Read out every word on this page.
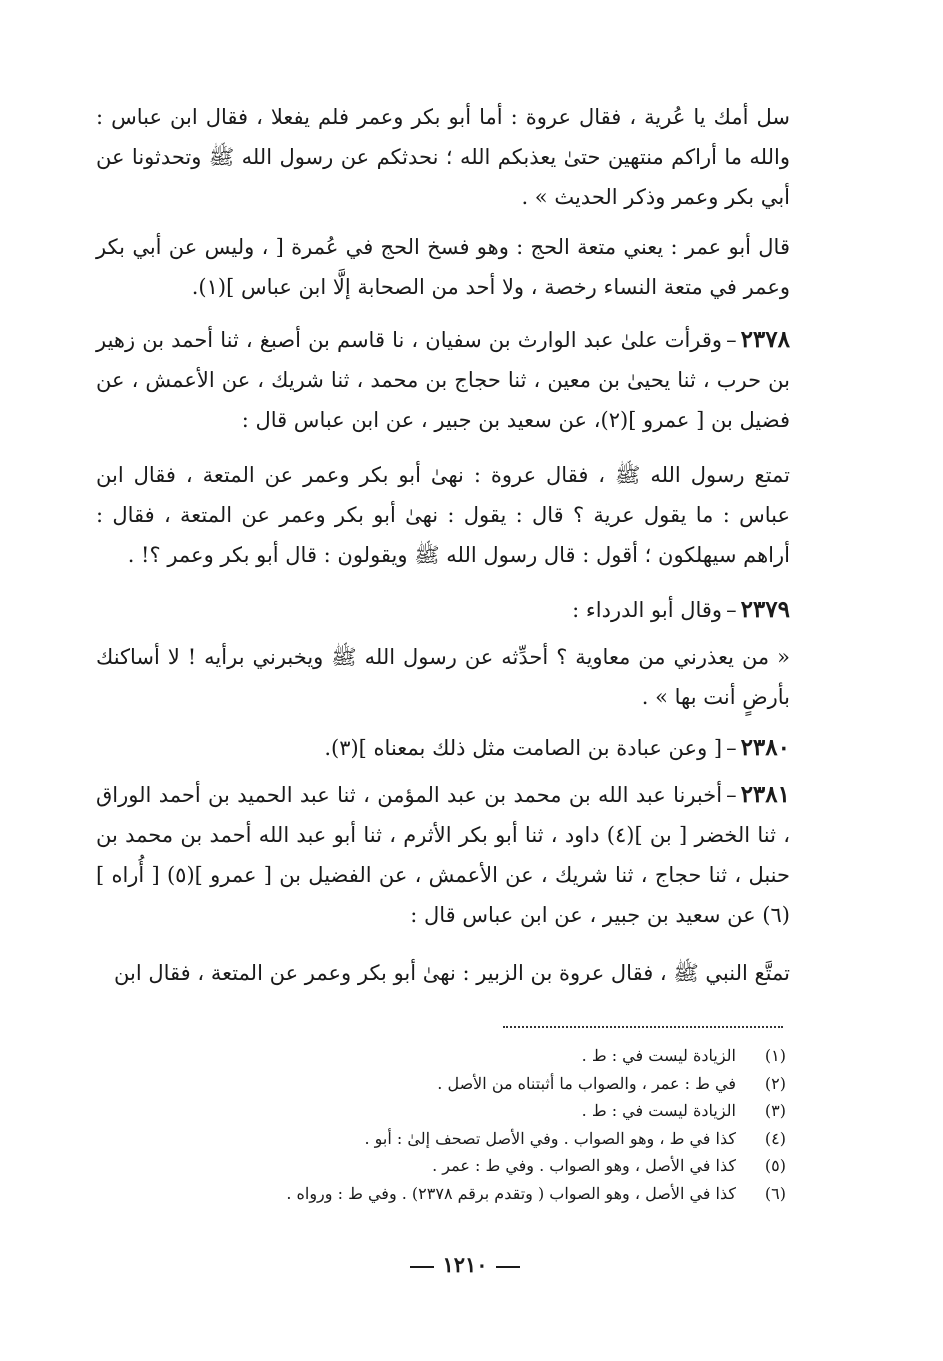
سل أمك يا عُرية ، فقال عروة : أما أبو بكر وعمر فلم يفعلا ، فقال ابن عباس : والله ما أراكم منتهين حتىٰ يعذبكم الله ؛ نحدثكم عن رسول الله ﷺ وتحدثونا عن أبي بكر وعمر وذكر الحديث » .
قال أبو عمر : يعني متعة الحج : وهو فسخ الحج في عُمرة [ ، وليس عن أبي بكر وعمر في متعة النساء رخصة ، ولا أحد من الصحابة إلَّا ابن عباس ](١).
٢٣٧٨–وقرأت علىٰ عبد الوارث بن سفيان ، نا قاسم بن أصبغ ، ثنا أحمد بن زهير بن حرب ، ثنا يحيىٰ بن معين ، ثنا حجاج بن محمد ، ثنا شريك ، عن الأعمش ، عن فضيل بن [ عمرو ](٢)، عن سعيد بن جبير ، عن ابن عباس قال :
تمتع رسول الله ﷺ ، فقال عروة : نهىٰ أبو بكر وعمر عن المتعة ، فقال ابن عباس : ما يقول عرية ؟ قال : يقول : نهىٰ أبو بكر وعمر عن المتعة ، فقال : أراهم سيهلكون ؛ أقول : قال رسول الله ﷺ ويقولون : قال أبو بكر وعمر ؟! .
٢٣٧٩–وقال أبو الدرداء :
« من يعذرني من معاوية ؟ أحدِّثه عن رسول الله ﷺ ويخبرني برأيه ! لا أساكنك بأرضٍ أنت بها » .
٢٣٨٠–[ وعن عبادة بن الصامت مثل ذلك بمعناه ](٣).
٢٣٨١–أخبرنا عبد الله بن محمد بن عبد المؤمن ، ثنا عبد الحميد بن أحمد الوراق ، ثنا الخضر [ بن ](٤) داود ، ثنا أبو بكر الأثرم ، ثنا أبو عبد الله أحمد بن محمد بن حنبل ، ثنا حجاج ، ثنا شريك ، عن الأعمش ، عن الفضيل بن [ عمرو ](٥) [ أُراه ](٦) عن سعيد بن جبير ، عن ابن عباس قال :
تمتَّع النبي ﷺ ، فقال عروة بن الزبير : نهىٰ أبو بكر وعمر عن المتعة ، فقال ابن
(١)
الزيادة ليست في : ط .
(٢)
في ط : عمر ، والصواب ما أثبتناه من الأصل .
(٣)
الزيادة ليست في : ط .
(٤)
كذا في ط ، وهو الصواب . وفي الأصل تصحف إلىٰ : أبو .
(٥)
كذا في الأصل ، وهو الصواب . وفي ط : عمر .
(٦)
كذا في الأصل ، وهو الصواب ( وتقدم برقم ٢٣٧٨) . وفي ط : ورواه .
١٢١٠
